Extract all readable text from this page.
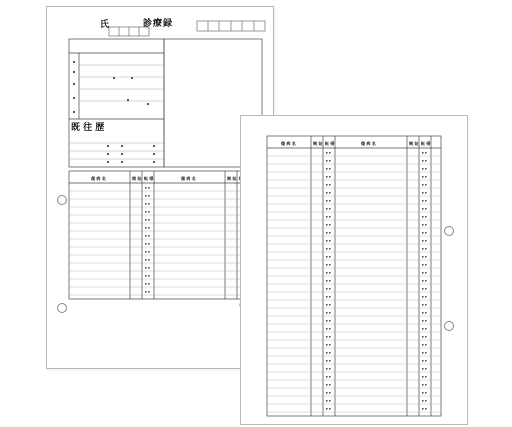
診療録
氏
既 往 歴
傷 病 名	開 始 転 帰	傷 病 名	開 始
傷 病 名	開 始 転 帰	傷 病 名	開 始 転 帰
